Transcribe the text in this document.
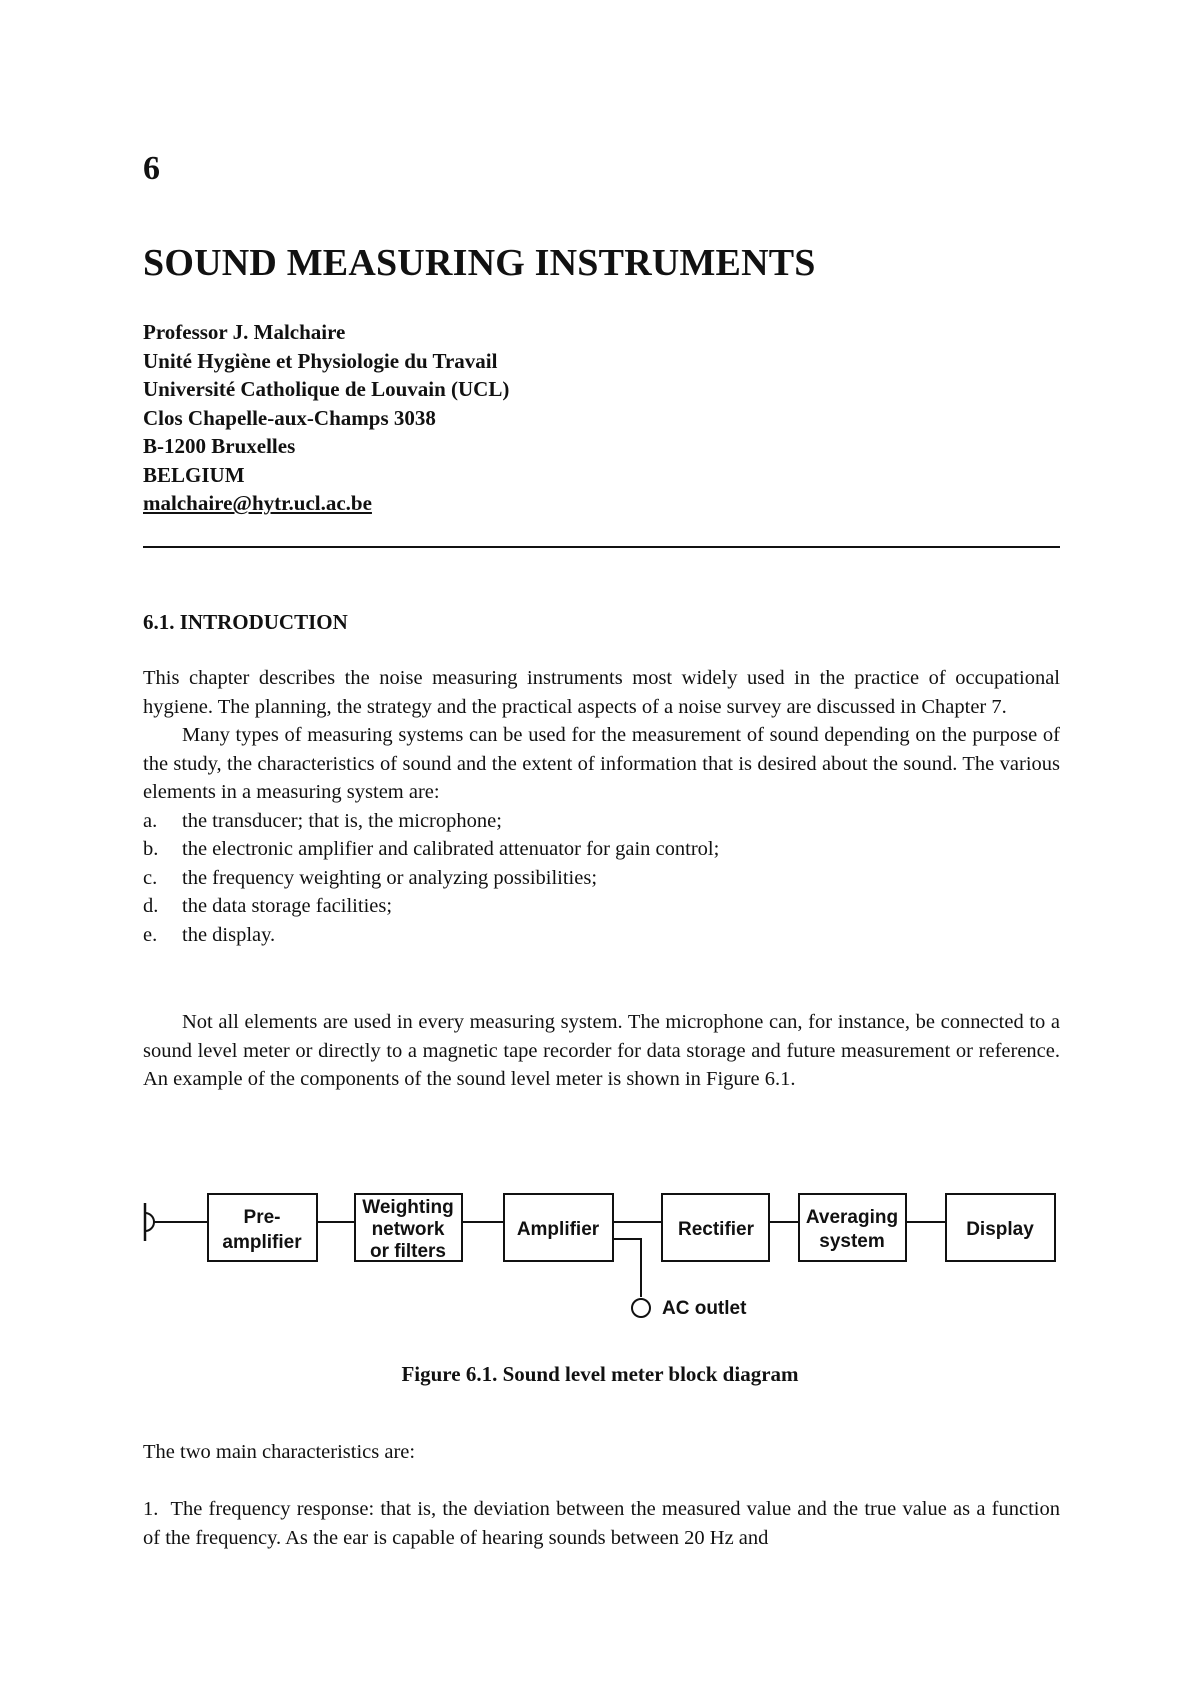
6
SOUND MEASURING INSTRUMENTS
Professor J. Malchaire
Unité Hygiène et Physiologie du Travail
Université Catholique de Louvain (UCL)
Clos Chapelle-aux-Champs 3038
B-1200 Bruxelles
BELGIUM
malchaire@hytr.ucl.ac.be
6.1. INTRODUCTION

This chapter describes the noise measuring instruments most widely used in the practice of occupational hygiene. The planning, the strategy and the practical aspects of a noise survey are discussed in Chapter 7.

Many types of measuring systems can be used for the measurement of sound depending on the purpose of the study, the characteristics of sound and the extent of information that is desired about the sound. The various elements in a measuring system are:

a.	the transducer; that is, the microphone;
b.	the electronic amplifier and calibrated attenuator for gain control;
c.	the frequency weighting or analyzing possibilities;
d.	the data storage facilities;
e.	the display.

Not all elements are used in every measuring system. The microphone can, for instance, be connected to a sound level meter or directly to a magnetic tape recorder for data storage and future measurement or reference. An example of the components of the sound level meter is shown in Figure 6.1.

Pre-
amplifier
Weighting
network
or filters
Amplifier
AC outlet
Rectifier
Averaging
system
Display
Figure 6.1. Sound level meter block diagram

The two main characteristics are:

1. The frequency response: that is, the deviation between the measured value and the true value as a function of the frequency. As the ear is capable of hearing sounds between 20 Hz and
